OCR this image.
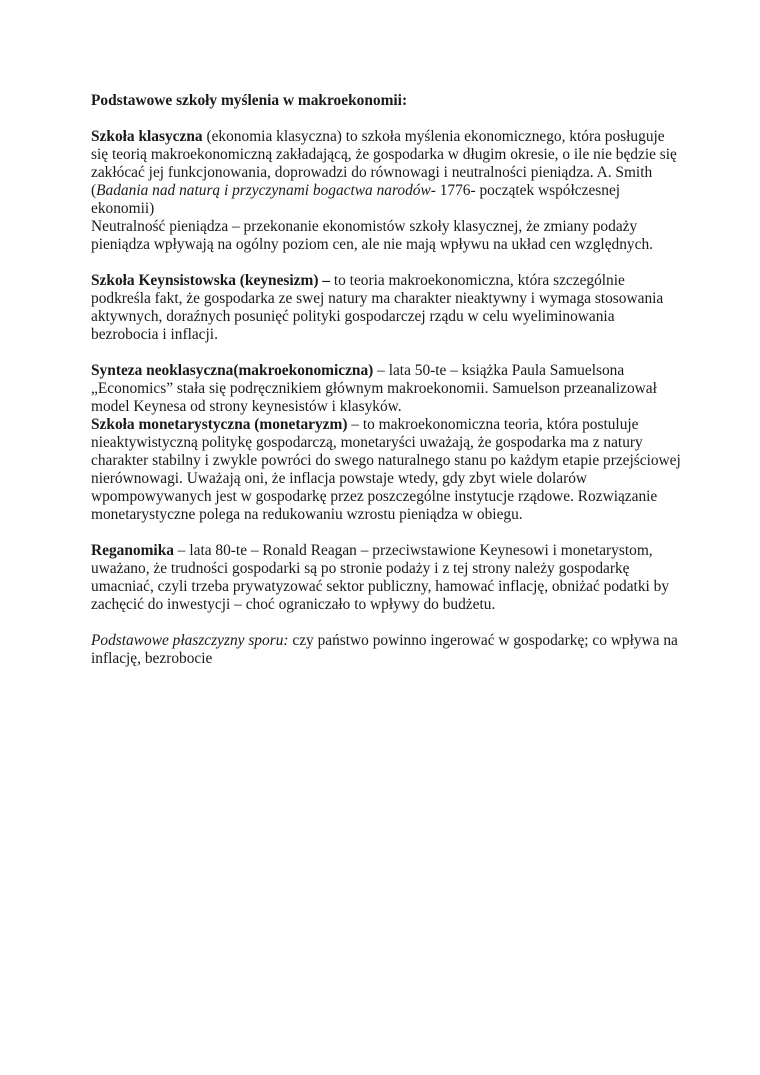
Podstawowe szkoły myślenia w makroekonomii:

Szkoła klasyczna (ekonomia klasyczna) to szkoła myślenia ekonomicznego, która posługuje się teorią makroekonomiczną zakładającą, że gospodarka w długim okresie, o ile nie będzie się zakłócać jej funkcjonowania, doprowadzi do równowagi i neutralności pieniądza. A. Smith (Badania nad naturą i przyczynami bogactwa narodów- 1776- początek współczesnej ekonomii)

Neutralność pieniądza – przekonanie ekonomistów szkoły klasycznej, że zmiany podaży pieniądza wpływają na ogólny poziom cen, ale nie mają wpływu na układ cen względnych.

Szkoła Keynsistowska (keynesizm) – to teoria makroekonomiczna, która szczególnie podkreśla fakt, że gospodarka ze swej natury ma charakter nieaktywny i wymaga stosowania aktywnych, doraźnych posunięć polityki gospodarczej rządu w celu wyeliminowania bezrobocia i inflacji.

Synteza neoklasyczna(makroekonomiczna) – lata 50-te – książka Paula Samuelsona „Economics” stała się podręcznikiem głównym makroekonomii. Samuelson przeanalizował model Keynesa od strony keynesistów i klasyków.

Szkoła monetarystyczna (monetaryzm) – to makroekonomiczna teoria, która postuluje nieaktywistyczną politykę gospodarczą, monetaryści uważają, że gospodarka ma z natury charakter stabilny i zwykle powróci do swego naturalnego stanu po każdym etapie przejściowej nierównowagi. Uważają oni, że inflacja powstaje wtedy, gdy zbyt wiele dolarów wpompowywanych jest w gospodarkę przez poszczególne instytucje rządowe. Rozwiązanie monetarystyczne polega na redukowaniu wzrostu pieniądza w obiegu.

Reganomika – lata 80-te – Ronald Reagan – przeciwstawione Keynesowi i monetarystom, uważano, że trudności gospodarki są po stronie podaży i z tej strony należy gospodarkę umacniać, czyli trzeba prywatyzować sektor publiczny, hamować inflację, obniżać podatki by zachęcić do inwestycji – choć ograniczało to wpływy do budżetu.

Podstawowe płaszczyzny sporu: czy państwo powinno ingerować w gospodarkę; co wpływa na inflację, bezrobocie
